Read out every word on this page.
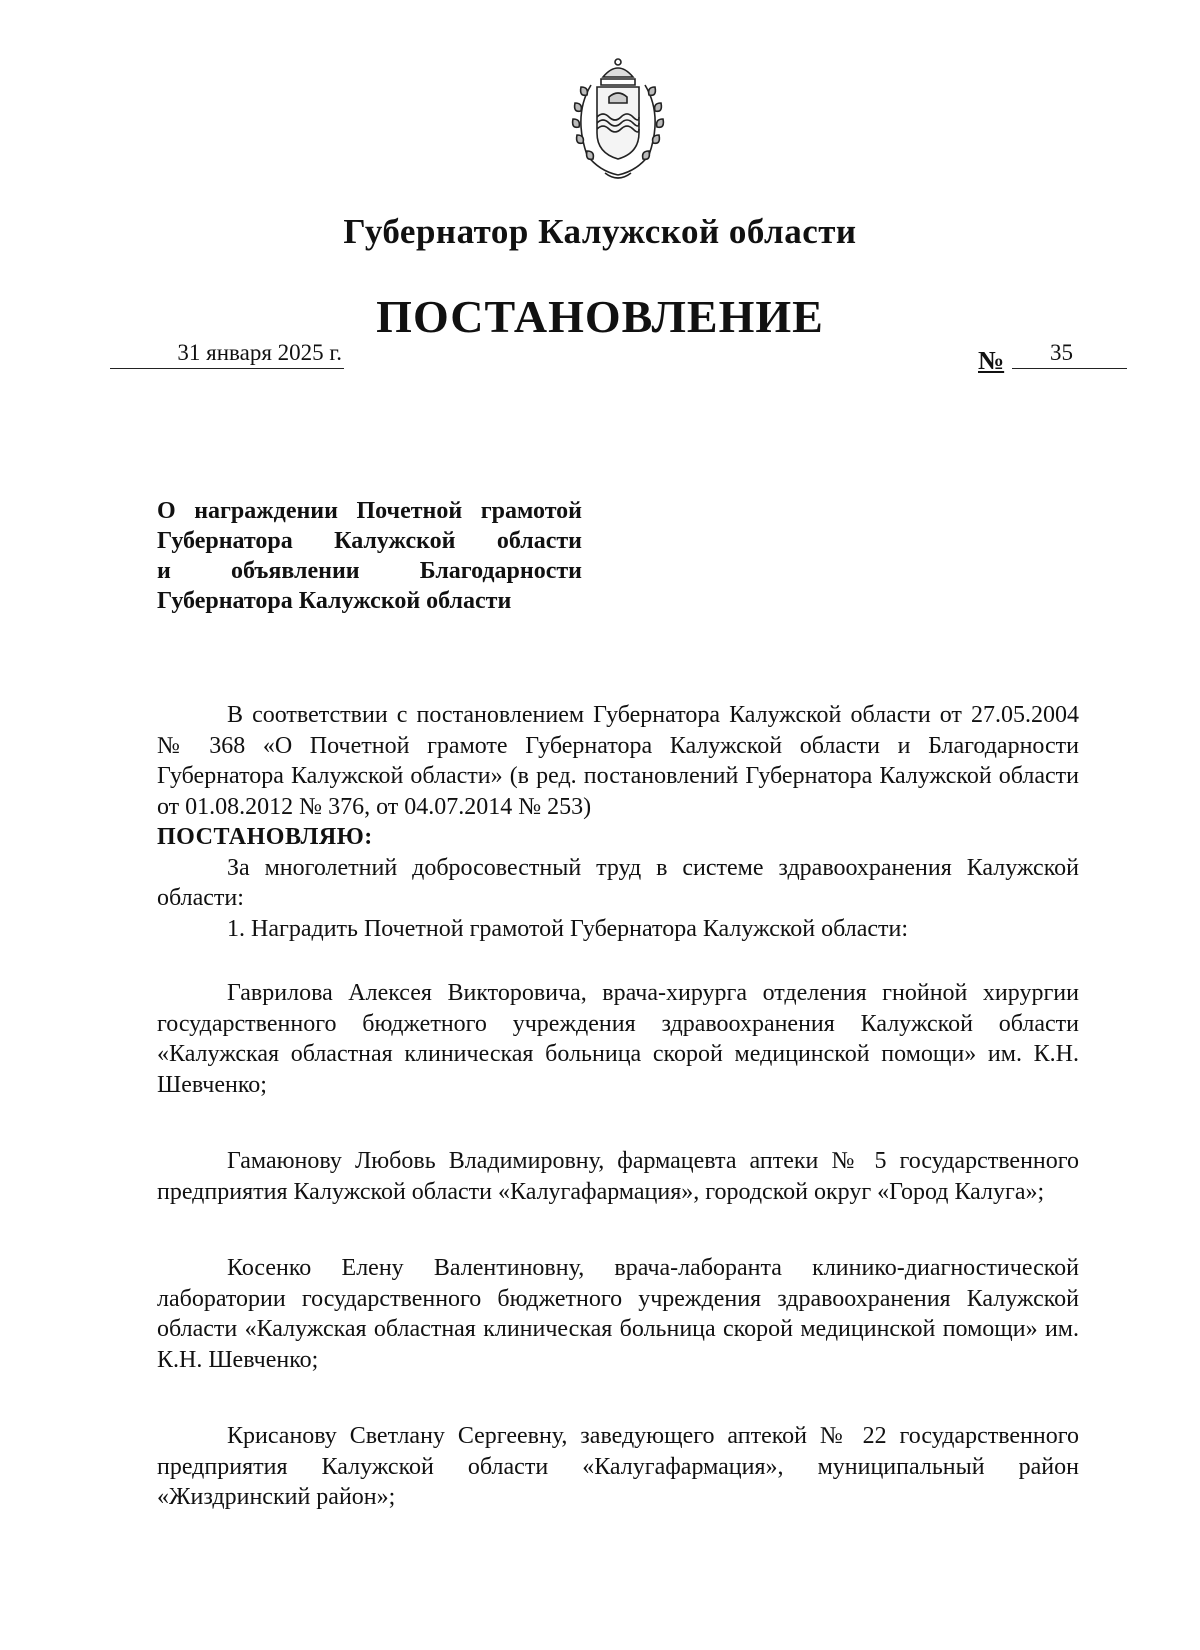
Губернатор Калужской области
ПОСТАНОВЛЕНИЕ
31 января 2025 г.	№	35
О награждении Почетной грамотой
Губернатора Калужской области
и объявлении Благодарности
Губернатора Калужской области

В соответствии с постановлением Губернатора Калужской области от 27.05.2004 № 368 «О Почетной грамоте Губернатора Калужской области и Благодарности Губернатора Калужской области» (в ред. постановлений Губернатора Калужской области от 01.08.2012 № 376, от 04.07.2014 № 253)

ПОСТАНОВЛЯЮ:

За многолетний добросовестный труд в системе здравоохранения Калужской области:

1. Наградить Почетной грамотой Губернатора Калужской области:

Гаврилова Алексея Викторовича, врача-хирурга отделения гнойной хирургии государственного бюджетного учреждения здравоохранения Калужской области «Калужская областная клиническая больница скорой медицинской помощи» им. К.Н. Шевченко;

Гамаюнову Любовь Владимировну, фармацевта аптеки № 5 государственного предприятия Калужской области «Калугафармация», городской округ «Город Калуга»;

Косенко Елену Валентиновну, врача-лаборанта клинико-диагностической лаборатории государственного бюджетного учреждения здравоохранения Калужской области «Калужская областная клиническая больница скорой медицинской помощи» им. К.Н. Шевченко;

Крисанову Светлану Сергеевну, заведующего аптекой № 22 государственного предприятия Калужской области «Калугафармация», муниципальный район «Жиздринский район»;
